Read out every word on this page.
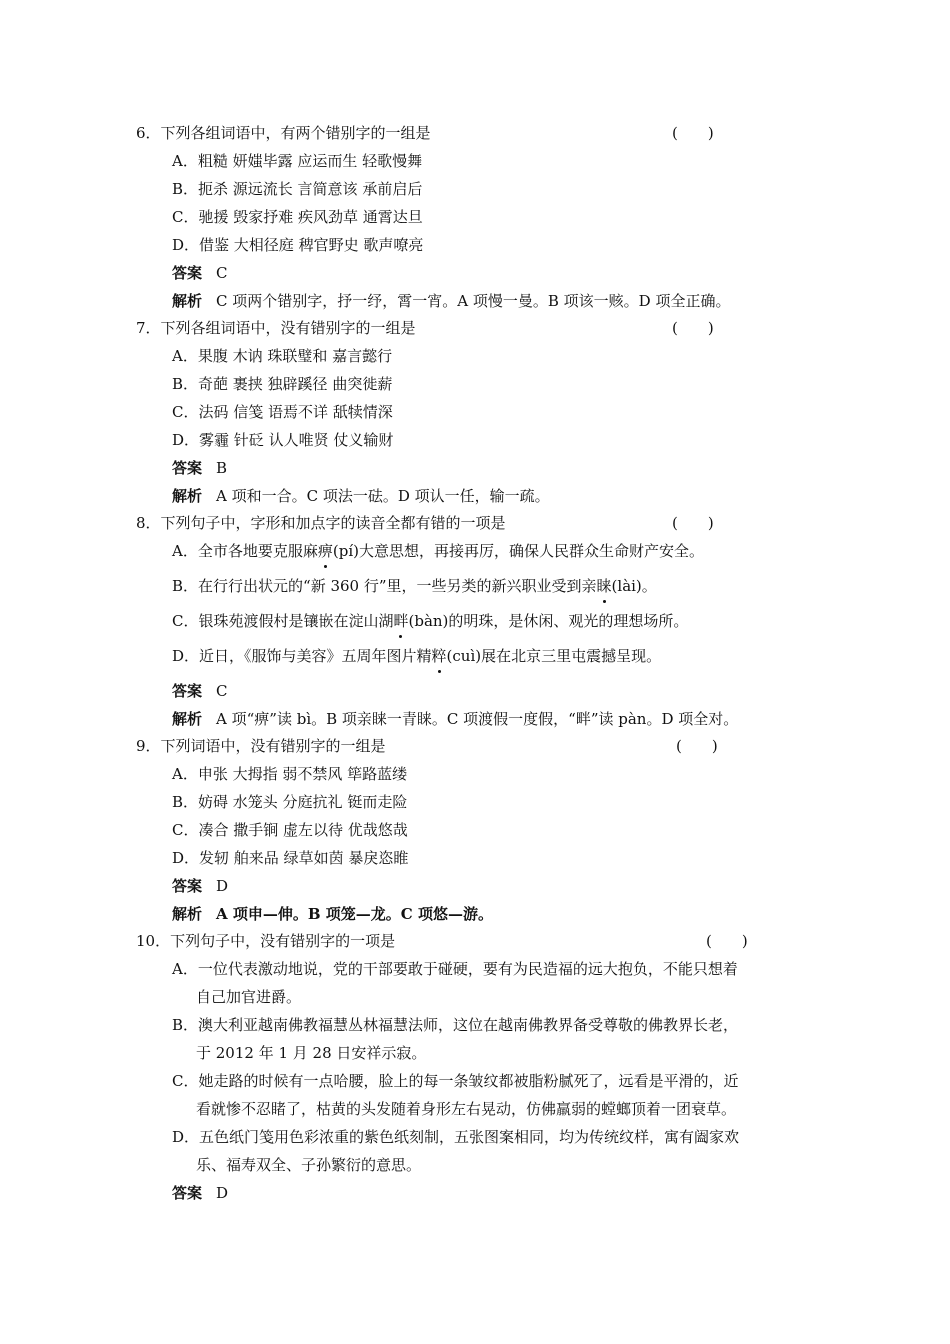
6．下列各组词语中，有两个错别字的一组是	(　　)
A．粗糙 妍媸毕露 应运而生 轻歌慢舞
B．扼杀 源远流长 言简意该 承前启后
C．驰援 毁家抒难 疾风劲草 通霄达旦
D．借鉴 大相径庭 稗官野史 歌声嘹亮
答案 C
解析 C 项两个错别字，抒一纾，霄一宵。A 项慢一曼。B 项该一赅。D 项全正确。
7．下列各组词语中，没有错别字的一组是	(　　)
A．果腹 木讷 珠联璧和 嘉言懿行
B．奇葩 裹挟 独辟蹊径 曲突徙薪
C．法码 信笺 语焉不详 舐犊情深
D．雾霾 针砭 认人唯贤 仗义输财
答案 B
解析 A 项和一合。C 项法一砝。D 项认一任，输一疏。
8．下列句子中，字形和加点字的读音全都有错的一项是	(　　)
A．全市各地要克服麻痹(pí)大意思想，再接再厉，确保人民群众生命财产安全。
B．在行行出状元的“新 360 行”里，一些另类的新兴职业受到亲睐(lài)。
C．银珠苑渡假村是镶嵌在淀山湖畔(bàn)的明珠，是休闲、观光的理想场所。
D．近日，《服饰与美容》五周年图片精粹(cuì)展在北京三里屯震撼呈现。
答案 C
解析 A 项“痹”读 bì。B 项亲睐一青睐。C 项渡假一度假，“畔”读 pàn。D 项全对。
9．下列词语中，没有错别字的一组是	(　　)
A．申张 大拇指 弱不禁风 筚路蓝缕
B．妨碍 水笼头 分庭抗礼 铤而走险
C．凑合 撒手锏 虚左以待 优哉悠哉
D．发轫 舶来品 绿草如茵 暴戾恣睢
答案 D
解析 A 项申—伸。B 项笼—龙。C 项悠—游。
10．下列句子中，没有错别字的一项是	(　　)
A．一位代表激动地说，党的干部要敢于碰硬，要有为民造福的远大抱负，不能只想着
自己加官进爵。
B．澳大利亚越南佛教福慧丛林福慧法师，这位在越南佛教界备受尊敬的佛教界长老，
于 2012 年 1 月 28 日安祥示寂。
C．她走路的时候有一点哈腰，脸上的每一条皱纹都被脂粉腻死了，远看是平滑的，近
看就惨不忍睹了，枯黄的头发随着身形左右晃动，仿佛羸弱的螳螂顶着一团衰草。
D．五色纸门笺用色彩浓重的紫色纸刻制，五张图案相同，均为传统纹样，寓有阖家欢
乐、福寿双全、子孙繁衍的意思。
答案 D
